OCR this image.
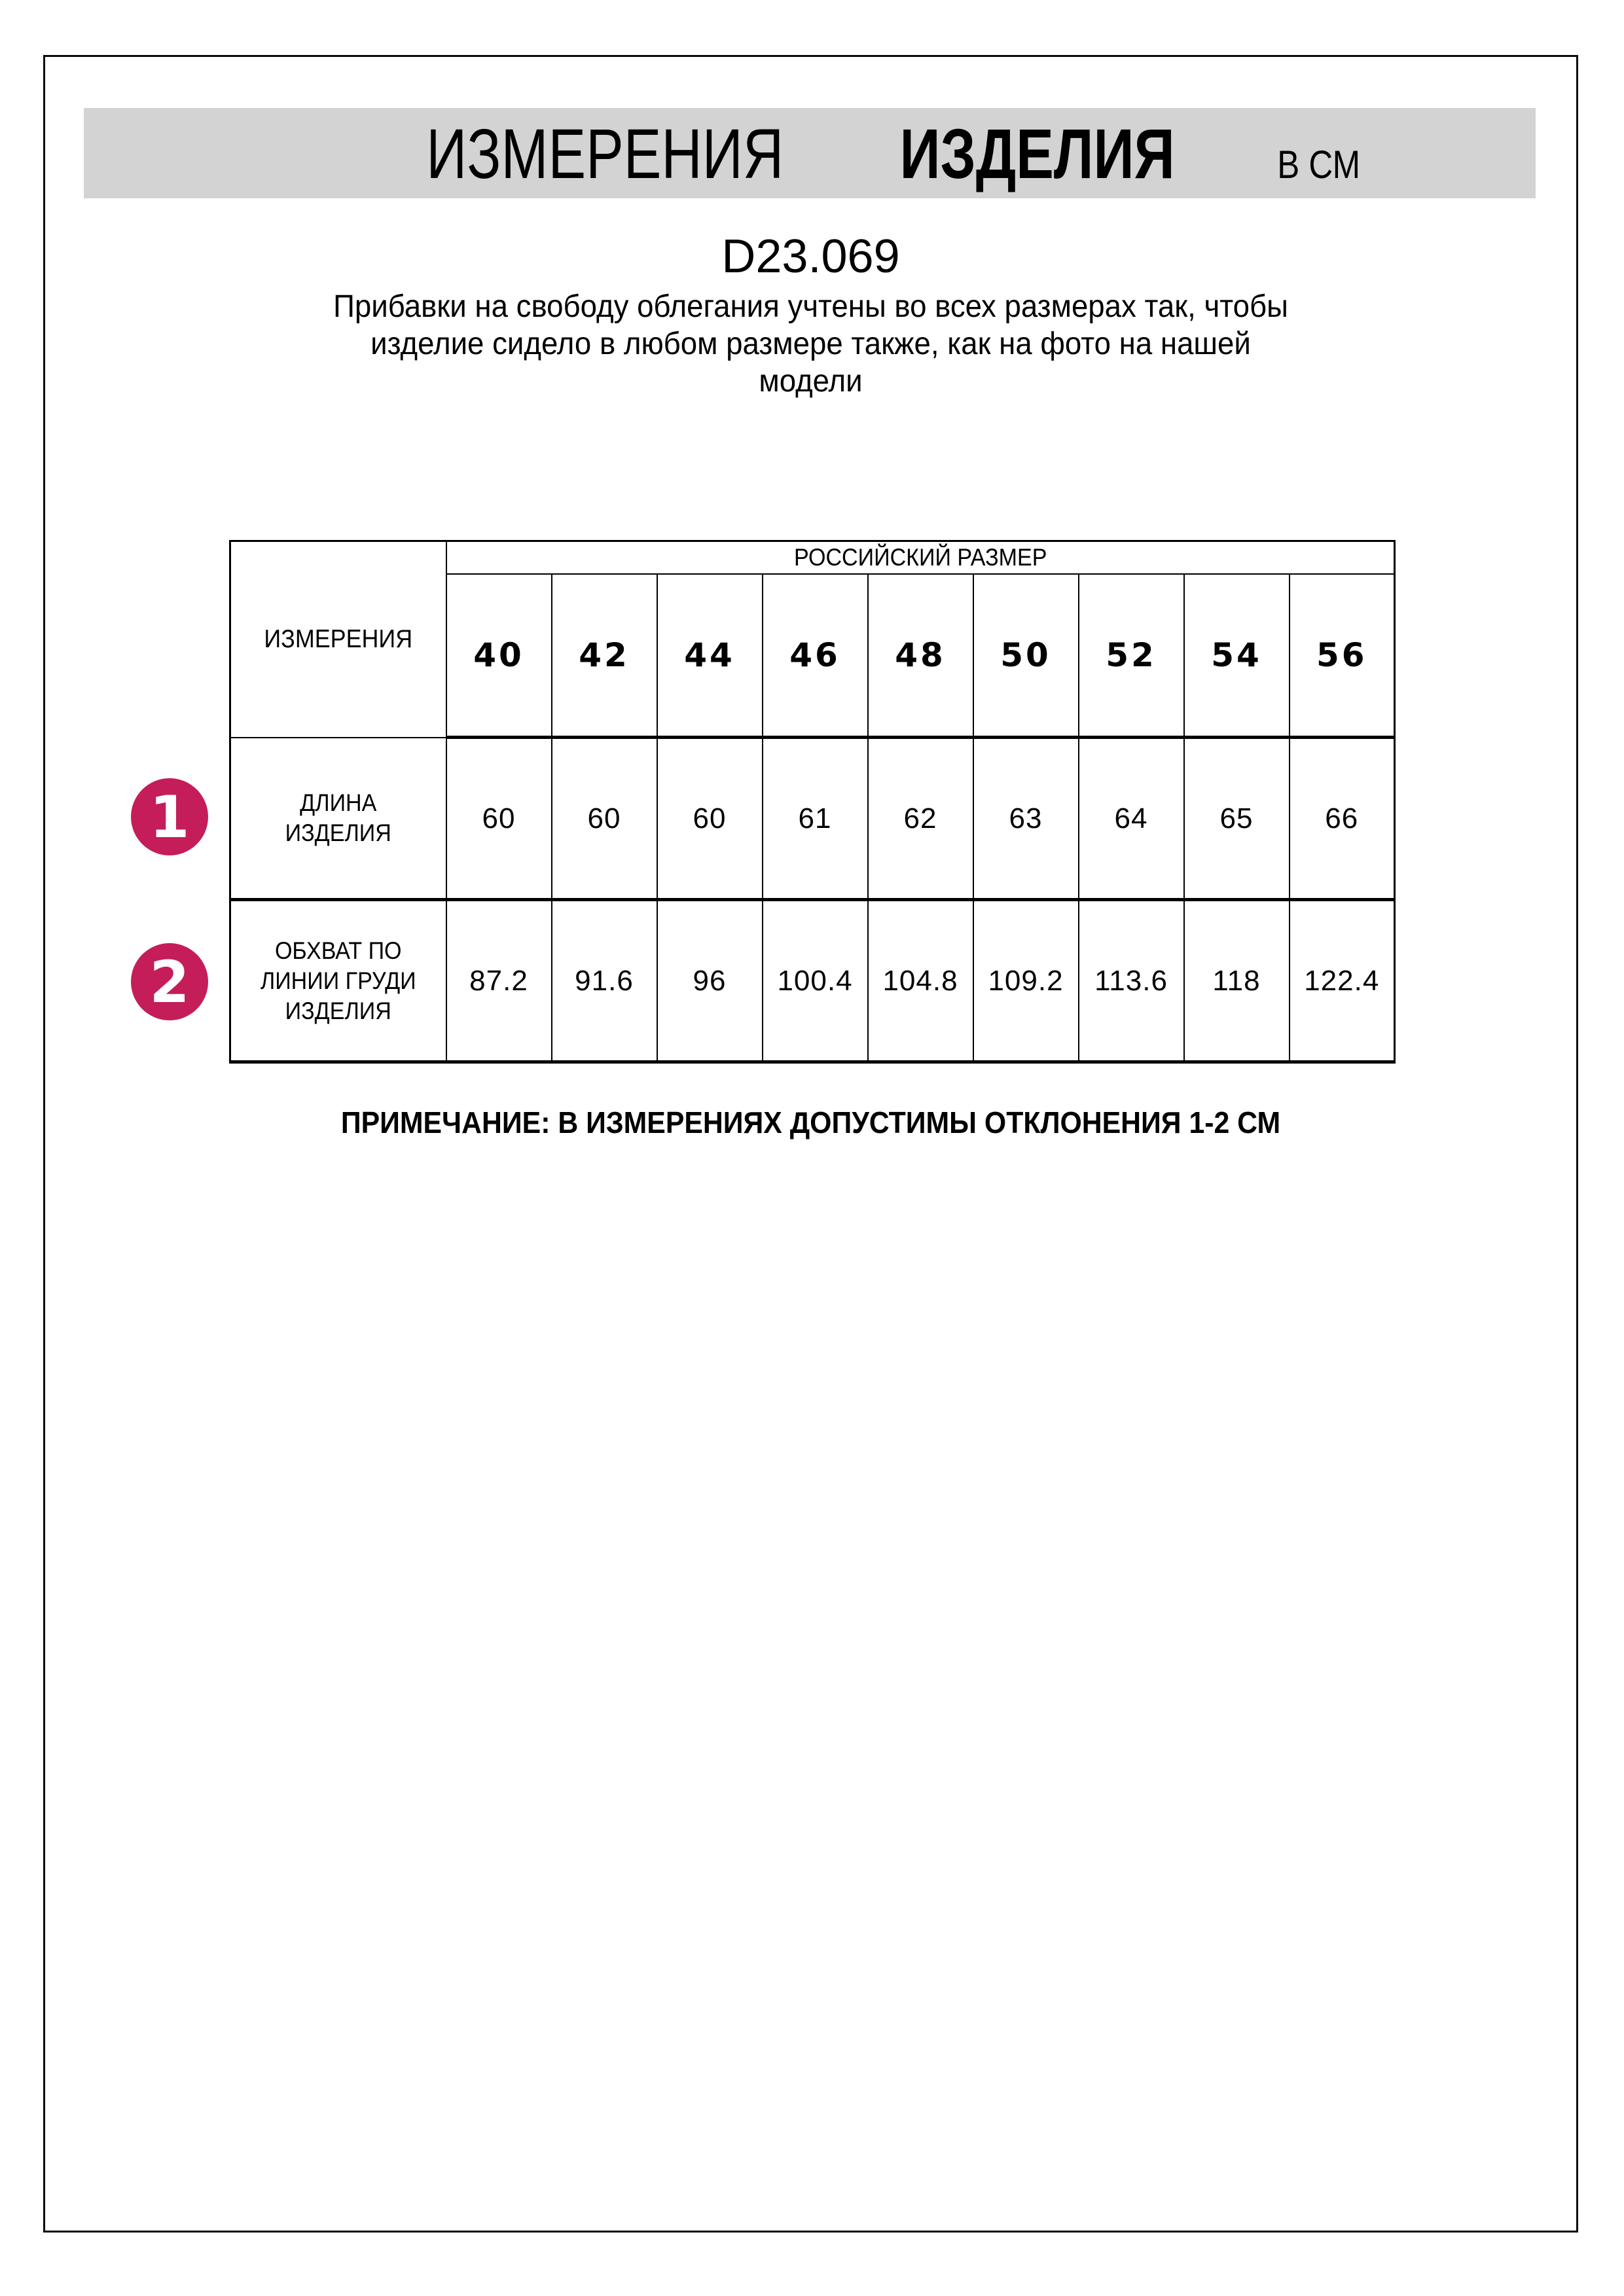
ИЗМЕРЕНИЯ ИЗДЕЛИЯ	В СМ
D23.069
Прибавки на свободу облегания учтены во всех размерах так, чтобы
изделие сидело в любом размере также, как на фото на нашей
модели
1
2
ИЗМЕРЕНИЯ	РОССИЙСКИЙ РАЗМЕР								

	40	42	44	46	48	50	52	54	56

ДЛИНА
ИЗДЕЛИЯ	60	60	60	61	62	63	64	65	66

ОБХВАТ ПО
ЛИНИИ ГРУДИ
ИЗДЕЛИЯ	87.2	91.6	96	100.4	104.8	109.2	113.6	118	122.4
ПРИМЕЧАНИЕ: В ИЗМЕРЕНИЯХ ДОПУСТИМЫ ОТКЛОНЕНИЯ 1-2 СМ
